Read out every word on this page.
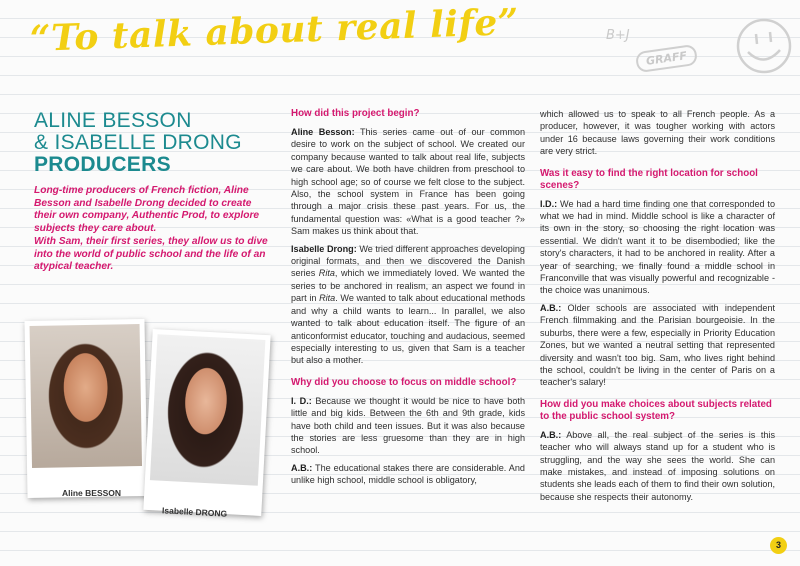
“To talk about real life”	B+J
GRAFF
ALINE BESSON
& ISABELLE DRONG
PRODUCERS

Long-time producers of French fiction, Aline Besson and Isabelle Drong decided to create their own company, Authentic Prod, to explore subjects they care about.

With Sam, their first series, they allow us to dive into the world of public school and the life of an atypical teacher.

Aline BESSON
Isabelle DRONG
How did this project begin?

Aline Besson: This series came out of our common desire to work on the subject of school. We created our company because wanted to talk about real life, subjects we care about. We both have children from preschool to high school age; so of course we felt close to the subject. Also, the school system in France has been going through a major crisis these past years. For us, the fundamental question was: «What is a good teacher ?» Sam makes us think about that.

Isabelle Drong: We tried different approaches developing original formats, and then we discovered the Danish series Rita, which we immediately loved. We wanted the series to be anchored in realism, an aspect we found in part in Rita. We wanted to talk about educational methods and why a child wants to learn... In parallel, we also wanted to talk about education itself. The figure of an anticonformist educator, touching and audacious, seemed especially interesting to us, given that Sam is a teacher but also a mother.

Why did you choose to focus on middle school?

I. D.: Because we thought it would be nice to have both little and big kids. Between the 6th and 9th grade, kids have both child and teen issues. But it was also because the stories are less gruesome than they are in high school.

A.B.: The educational stakes there are considerable. And unlike high school, middle school is obligatory,

which allowed us to speak to all French people. As a producer, however, it was tougher working with actors under 16 because laws governing their work conditions are very strict.

Was it easy to find the right location for school scenes?

I.D.: We had a hard time finding one that corresponded to what we had in mind. Middle school is like a character of its own in the story, so choosing the right location was essential. We didn't want it to be disembodied; like the story's characters, it had to be anchored in reality. After a year of searching, we finally found a middle school in Franconville that was visually powerful and recognizable - the choice was unanimous.

A.B.: Older schools are associated with independent French filmmaking and the Parisian bourgeoisie. In the suburbs, there were a few, especially in Priority Education Zones, but we wanted a neutral setting that represented diversity and wasn't too big. Sam, who lives right behind the school, couldn't be living in the center of Paris on a teacher's salary!

How did you make choices about subjects related to the public school system?

A.B.: Above all, the real subject of the series is this teacher who will always stand up for a student who is struggling, and the way she sees the world. She can make mistakes, and instead of imposing solutions on students she leads each of them to find their own solution, because she respects their autonomy.

3
